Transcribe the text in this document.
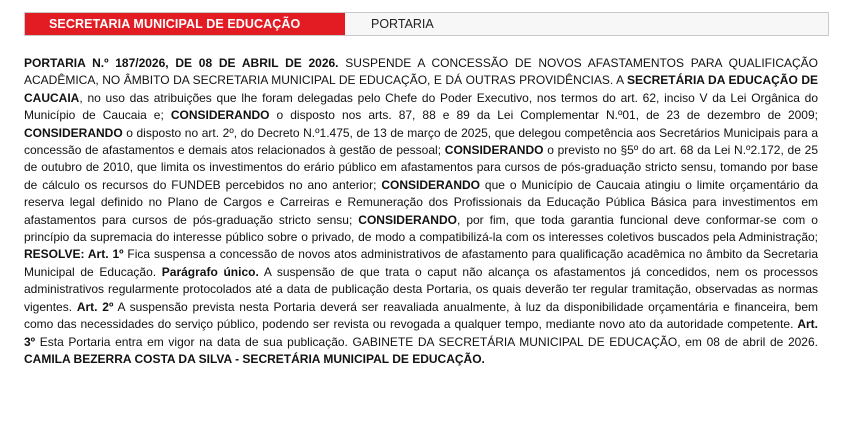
SECRETARIA MUNICIPAL DE EDUCAÇÃO	PORTARIA

PORTARIA N.º 187/2026, DE 08 DE ABRIL DE 2026. SUSPENDE A CONCESSÃO DE NOVOS AFASTAMENTOS PARA QUALIFICAÇÃO ACADÊMICA, NO ÂMBITO DA SECRETARIA MUNICIPAL DE EDUCAÇÃO, E DÁ OUTRAS PROVIDÊNCIAS. A SECRETÁRIA DA EDUCAÇÃO DE CAUCAIA, no uso das atribuições que lhe foram delegadas pelo Chefe do Poder Executivo, nos termos do art. 62, inciso V da Lei Orgânica do Município de Caucaia e; CONSIDERANDO o disposto nos arts. 87, 88 e 89 da Lei Complementar N.º01, de 23 de dezembro de 2009; CONSIDERANDO o disposto no art. 2º, do Decreto N.º1.475, de 13 de março de 2025, que delegou competência aos Secretários Municipais para a concessão de afastamentos e demais atos relacionados à gestão de pessoal; CONSIDERANDO o previsto no §5º do art. 68 da Lei N.º2.172, de 25 de outubro de 2010, que limita os investimentos do erário público em afastamentos para cursos de pós-graduação stricto sensu, tomando por base de cálculo os recursos do FUNDEB percebidos no ano anterior; CONSIDERANDO que o Município de Caucaia atingiu o limite orçamentário da reserva legal definido no Plano de Cargos e Carreiras e Remuneração dos Profissionais da Educação Pública Básica para investimentos em afastamentos para cursos de pós-graduação stricto sensu; CONSIDERANDO, por fim, que toda garantia funcional deve conformar-se com o princípio da supremacia do interesse público sobre o privado, de modo a compatibilizá-la com os interesses coletivos buscados pela Administração; RESOLVE: Art. 1º Fica suspensa a concessão de novos atos administrativos de afastamento para qualificação acadêmica no âmbito da Secretaria Municipal de Educação. Parágrafo único. A suspensão de que trata o caput não alcança os afastamentos já concedidos, nem os processos administrativos regularmente protocolados até a data de publicação desta Portaria, os quais deverão ter regular tramitação, observadas as normas vigentes. Art. 2º A suspensão prevista nesta Portaria deverá ser reavaliada anualmente, à luz da disponibilidade orçamentária e financeira, bem como das necessidades do serviço público, podendo ser revista ou revogada a qualquer tempo, mediante novo ato da autoridade competente. Art. 3º Esta Portaria entra em vigor na data de sua publicação. GABINETE DA SECRETÁRIA MUNICIPAL DE EDUCAÇÃO, em 08 de abril de 2026. CAMILA BEZERRA COSTA DA SILVA - SECRETÁRIA MUNICIPAL DE EDUCAÇÃO.
